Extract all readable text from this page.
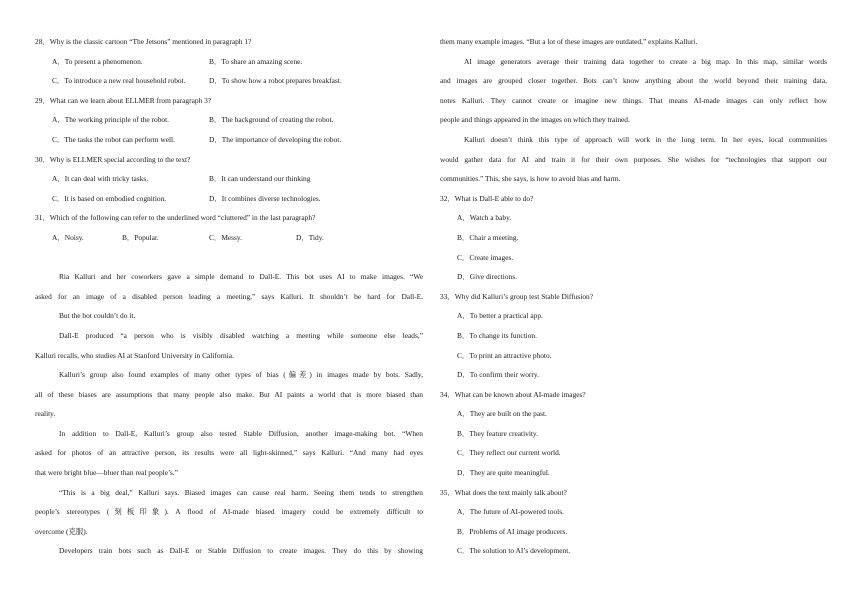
28．Why is the classic cartoon “The Jetsons” mentioned in paragraph 1?
A．To present a phenomenon.	B．To share an amazing scene.
C．To introduce a new real household robot.	D．To show how a robot prepares breakfast.
29．What can we learn about ELLMER from paragraph 3?
A．The working principle of the robot.	B．The background of creating the robot.
C．The tasks the robot can perform well.	D．The importance of developing the robot.
30．Why is ELLMER special according to the text?
A．It can deal with tricky tasks.	B．It can understand our thinking
C．It is based on embodied cognition.	D．It combines diverse technologies.
31．Which of the following can refer to the underlined word “cluttered” in the last paragraph?
A．Noisy.	B．Popular.	C．Messy.	D．Tidy.
Ria Kalluri and her coworkers gave a simple demand to Dall-E. This bot uses AI to make images. “We
asked for an image of a disabled person leading a meeting,” says Kalluri. It shouldn’t be hard for Dall-E.
But the bot couldn’t do it.
Dall-E produced “a person who is visibly disabled watching a meeting while someone else leads,”
Kalluri recalls, who studies AI at Stanford University in California.
Kalluri’s group also found examples of many other types of bias (偏差) in images made by bots. Sadly,
all of these biases are assumptions that many people also make. But AI paints a world that is more biased than
reality.
In addition to Dall-E, Kalluri’s group also tested Stable Diffusion, another image-making bot. “When
asked for photos of an attractive person, its results were all light-skinned,” says Kalluri. “And many had eyes
that were bright blue—bluer than real people’s.”
“This is a big deal,” Kalluri says. Biased images can cause real harm. Seeing them tends to strengthen
people’s stereotypes (刻板印象). A flood of AI-made biased imagery could be extremely difficult to
overcome (克服).
Developers train bots such as Dall-E or Stable Diffusion to create images. They do this by showing
them many example images. “But a lot of these images are outdated,” explains Kalluri.
AI image generators average their training data together to create a big map. In this map, similar words
and images are grouped closer together. Bots can’t know anything about the world beyond their training data,
notes Kalluri. They cannot create or imagine new things. That means AI-made images can only reflect how
people and things appeared in the images on which they trained.
Kalluri doesn’t think this type of approach will work in the long term. In her eyes, local communities
would gather data for AI and train it for their own purposes. She wishes for “technologies that support our
communities.” This, she says, is how to avoid bias and harm.
32．What is Dall-E able to do?
A．Watch a baby.
B．Chair a meeting.
C．Create images.
D．Give directions.
33．Why did Kalluri’s group test Stable Diffusion?
A．To better a practical app.
B．To change its function.
C．To print an attractive photo.
D．To confirm their worry.
34．What can be known about AI-made images?
A．They are built on the past.
B．They feature creativity.
C．They reflect our current world.
D．They are quite meaningful.
35．What does the text mainly talk about?
A．The future of AI-powered tools.
B．Problems of AI image producers.
C．The solution to AI’s development.
